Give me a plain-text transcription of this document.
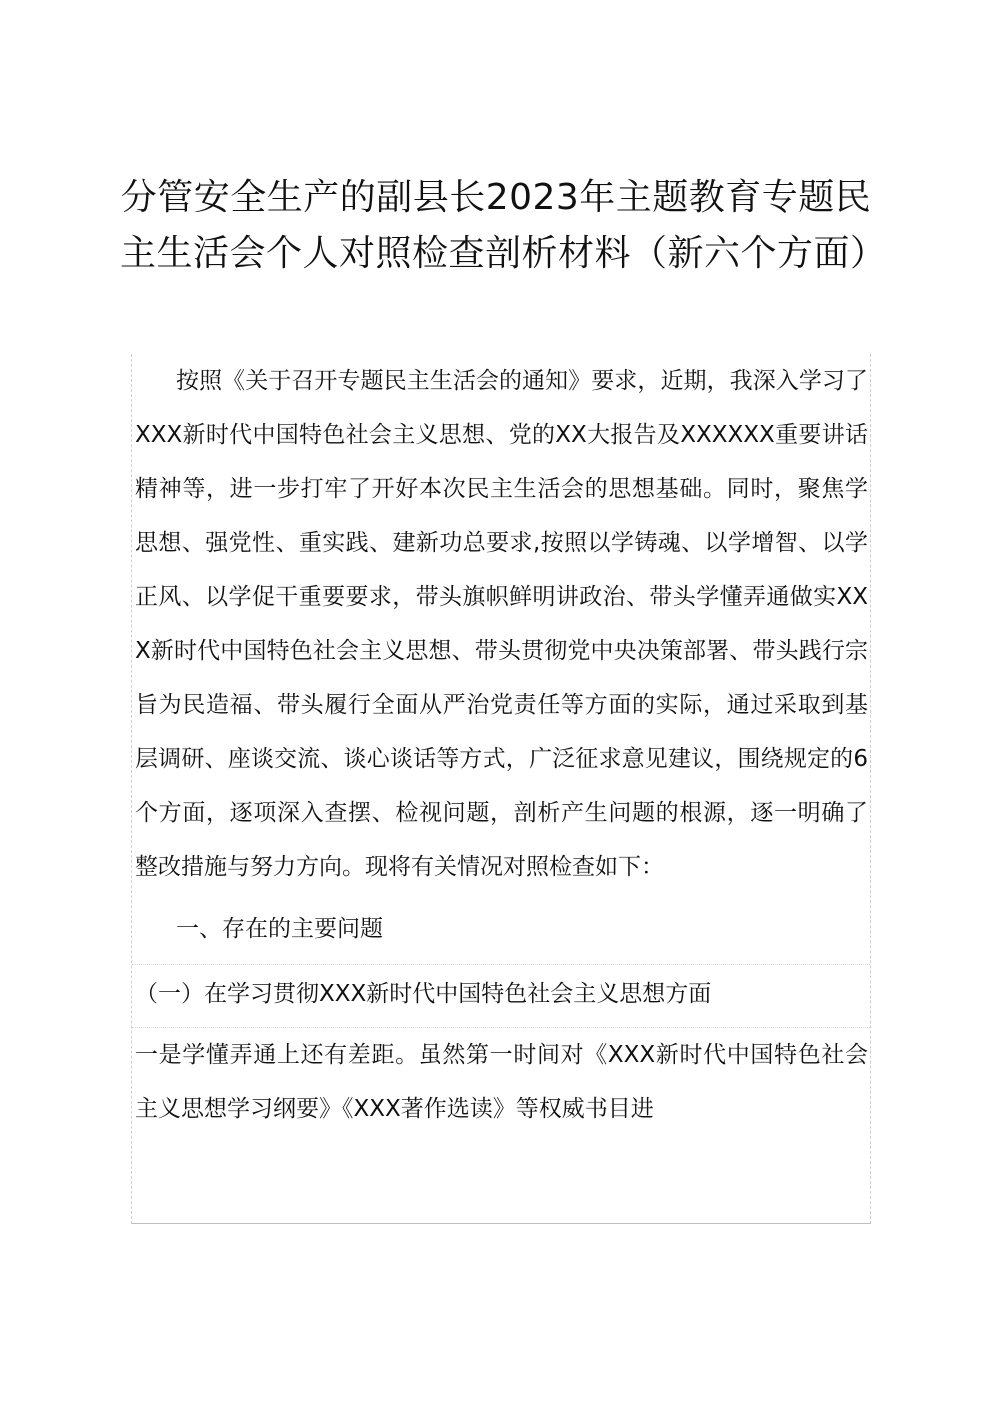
分管安全生产的副县长2023年主题教育专题民主生活会个人对照检查剖析材料（新六个方面）

按照《关于召开专题民主生活会的通知》要求，近期，我深入学习了XXX新时代中国特色社会主义思想、党的XX大报告及XXXXXX重要讲话精神等，进一步打牢了开好本次民主生活会的思想基础。同时，聚焦学思想、强党性、重实践、建新功总要求,按照以学铸魂、以学增智、以学正风、以学促干重要要求，带头旗帜鲜明讲政治、带头学懂弄通做实XXX新时代中国特色社会主义思想、带头贯彻党中央决策部署、带头践行宗旨为民造福、带头履行全面从严治党责任等方面的实际，通过采取到基层调研、座谈交流、谈心谈话等方式，广泛征求意见建议，围绕规定的6个方面，逐项深入查摆、检视问题，剖析产生问题的根源，逐一明确了整改措施与努力方向。现将有关情况对照检查如下：

一、存在的主要问题

（一）在学习贯彻XXX新时代中国特色社会主义思想方面

一是学懂弄通上还有差距。虽然第一时间对《XXX新时代中国特色社会主义思想学习纲要》《XXX著作选读》等权威书目进
